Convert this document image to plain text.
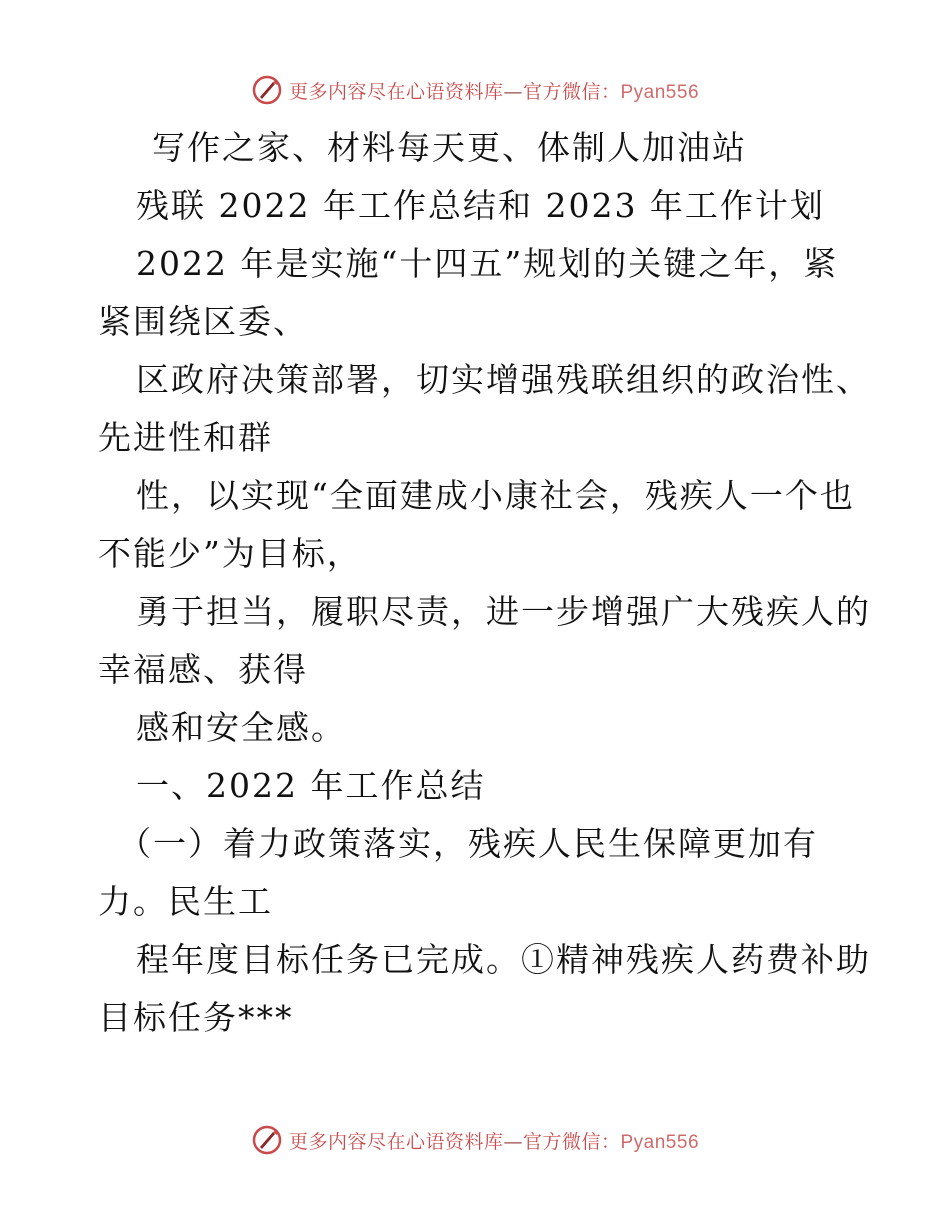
更多内容尽在心语资料库—官方微信：Pyan556
写作之家、材料每天更、体制人加油站
残联 2022 年工作总结和 2023 年工作计划
2022 年是实施“十四五”规划的关键之年，紧
紧围绕区委、
区政府决策部署，切实增强残联组织的政治性、
先进性和群
性，以实现“全面建成小康社会，残疾人一个也
不能少”为目标，
勇于担当，履职尽责，进一步增强广大残疾人的
幸福感、获得
感和安全感。
一、2022 年工作总结
（一）着力政策落实，残疾人民生保障更加有
力。民生工
程年度目标任务已完成。①精神残疾人药费补助
目标任务***
更多内容尽在心语资料库—官方微信：Pyan556
